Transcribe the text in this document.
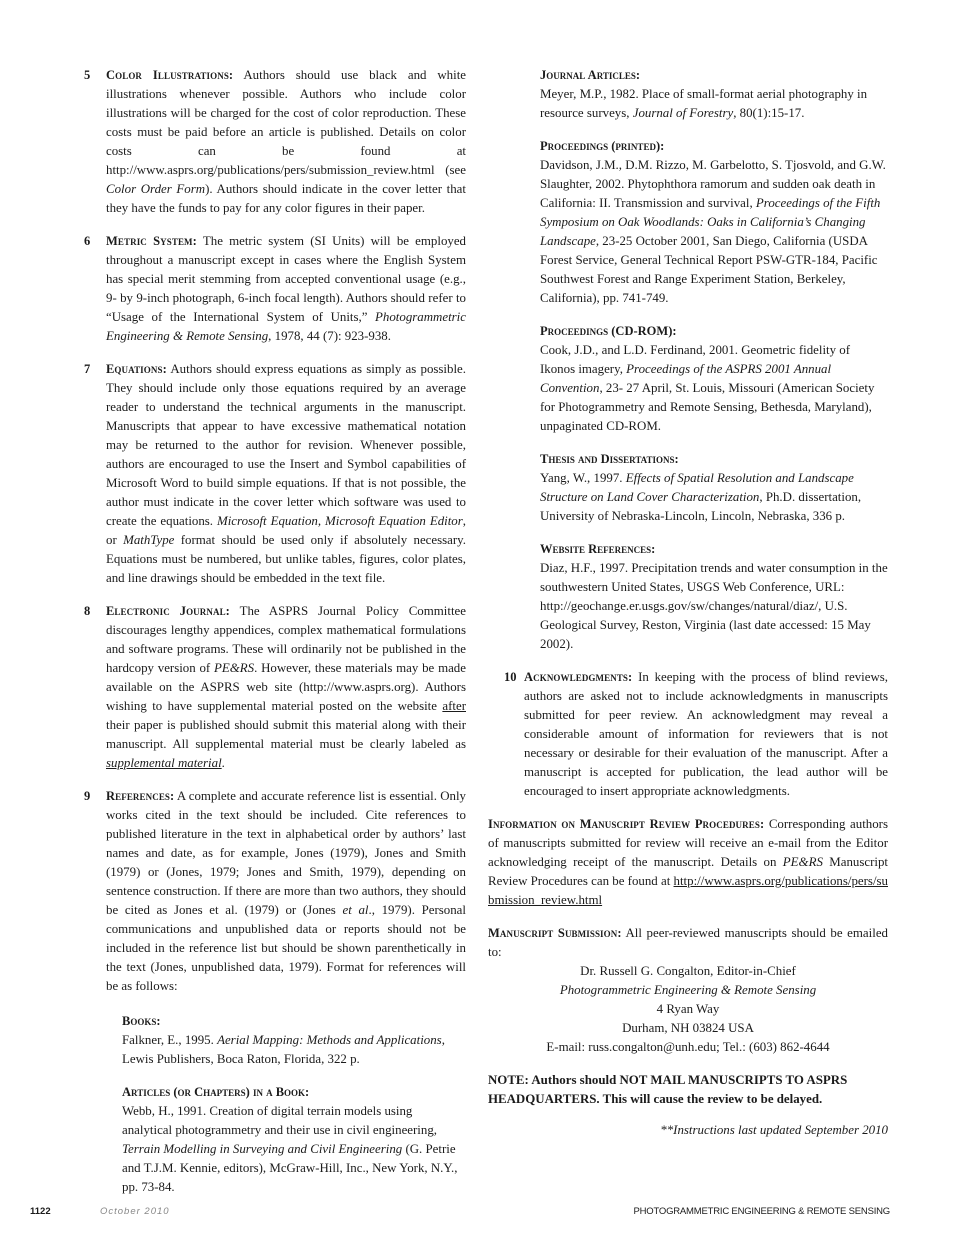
5	Color Illustrations: Authors should use black and white illustrations whenever possible. Authors who include color illustrations will be charged for the cost of color reproduction. These costs must be paid before an article is published. Details on color costs can be found at http://www.asprs.org/publications/pers/submission_review.html (see Color Order Form). Authors should indicate in the cover letter that they have the funds to pay for any color figures in their paper.
6	Metric System: The metric system (SI Units) will be employed throughout a manuscript except in cases where the English System has special merit stemming from accepted conventional usage (e.g., 9- by 9-inch photograph, 6-inch focal length). Authors should refer to “Usage of the International System of Units,” Photogrammetric Engineering & Remote Sensing, 1978, 44 (7): 923-938.
7	Equations: Authors should express equations as simply as possible. They should include only those equations required by an average reader to understand the technical arguments in the manuscript. Manuscripts that appear to have excessive mathematical notation may be returned to the author for revision. Whenever possible, authors are encouraged to use the Insert and Symbol capabilities of Microsoft Word to build simple equations. If that is not possible, the author must indicate in the cover letter which software was used to create the equations. Microsoft Equation, Microsoft Equation Editor, or MathType format should be used only if absolutely necessary. Equations must be numbered, but unlike tables, figures, color plates, and line drawings should be embedded in the text file.
8	Electronic Journal: The ASPRS Journal Policy Committee discourages lengthy appendices, complex mathematical formulations and software programs. These will ordinarily not be published in the hardcopy version of PE&RS. However, these materials may be made available on the ASPRS web site (http://www.asprs.org). Authors wishing to have supplemental material posted on the website after their paper is published should submit this material along with their manuscript. All supplemental material must be clearly labeled as supplemental material.
9	References: A complete and accurate reference list is essential. Only works cited in the text should be included. Cite references to published literature in the text in alphabetical order by authors’ last names and date, as for example, Jones (1979), Jones and Smith (1979) or (Jones, 1979; Jones and Smith, 1979), depending on sentence construction. If there are more than two authors, they should be cited as Jones et al. (1979) or (Jones et al., 1979). Personal communications and unpublished data or reports should not be included in the reference list but should be shown parenthetically in the text (Jones, unpublished data, 1979). Format for references will be as follows:
Books:
Falkner, E., 1995. Aerial Mapping: Methods and Applications, Lewis Publishers, Boca Raton, Florida, 322 p.
Articles (or Chapters) in a Book:
Webb, H., 1991. Creation of digital terrain models using analytical photogrammetry and their use in civil engineering, Terrain Modelling in Surveying and Civil Engineering (G. Petrie and T.J.M. Kennie, editors), McGraw-Hill, Inc., New York, N.Y., pp. 73-84.
Journal Articles:
Meyer, M.P., 1982. Place of small-format aerial photography in resource surveys, Journal of Forestry, 80(1):15-17.
Proceedings (printed):
Davidson, J.M., D.M. Rizzo, M. Garbelotto, S. Tjosvold, and G.W. Slaughter, 2002. Phytophthora ramorum and sudden oak death in California: II. Transmission and survival, Proceedings of the Fifth Symposium on Oak Woodlands: Oaks in California’s Changing Landscape, 23-25 October 2001, San Diego, California (USDA Forest Service, General Technical Report PSW-GTR-184, Pacific Southwest Forest and Range Experiment Station, Berkeley, California), pp. 741-749.
Proceedings (CD-ROM):
Cook, J.D., and L.D. Ferdinand, 2001. Geometric fidelity of Ikonos imagery, Proceedings of the ASPRS 2001 Annual Convention, 23- 27 April, St. Louis, Missouri (American Society for Photogrammetry and Remote Sensing, Bethesda, Maryland), unpaginated CD-ROM.
Thesis and Dissertations:
Yang, W., 1997. Effects of Spatial Resolution and Landscape Structure on Land Cover Characterization, Ph.D. dissertation, University of Nebraska-Lincoln, Lincoln, Nebraska, 336 p.
Website References:
Diaz, H.F., 1997. Precipitation trends and water consumption in the southwestern United States, USGS Web Conference, URL: http://geochange.er.usgs.gov/sw/changes/natural/diaz/, U.S. Geological Survey, Reston, Virginia (last date accessed: 15 May 2002).
10 Acknowledgments: In keeping with the process of blind reviews, authors are asked not to include acknowledgments in manuscripts submitted for peer review. An acknowledgment may reveal a considerable amount of information for reviewers that is not necessary or desirable for their evaluation of the manuscript. After a manuscript is accepted for publication, the lead author will be encouraged to insert appropriate acknowledgments.
Information on Manuscript Review Procedures: Corresponding authors of manuscripts submitted for review will receive an e-mail from the Editor acknowledging receipt of the manuscript. Details on PE&RS Manuscript Review Procedures can be found at http://www.asprs.org/publications/pers/submission_review.html
Manuscript Submission: All peer-reviewed manuscripts should be emailed to:
Dr. Russell G. Congalton, Editor-in-Chief
Photogrammetric Engineering & Remote Sensing
4 Ryan Way
Durham, NH 03824 USA
E-mail: russ.congalton@unh.edu; Tel.: (603) 862-4644
NOTE: Authors should NOT MAIL MANUSCRIPTS TO ASPRS HEADQUARTERS. This will cause the review to be delayed.
**Instructions last updated September 2010
1122	October 2010	PHOTOGRAMMETRIC ENGINEERING & REMOTE SENSING
